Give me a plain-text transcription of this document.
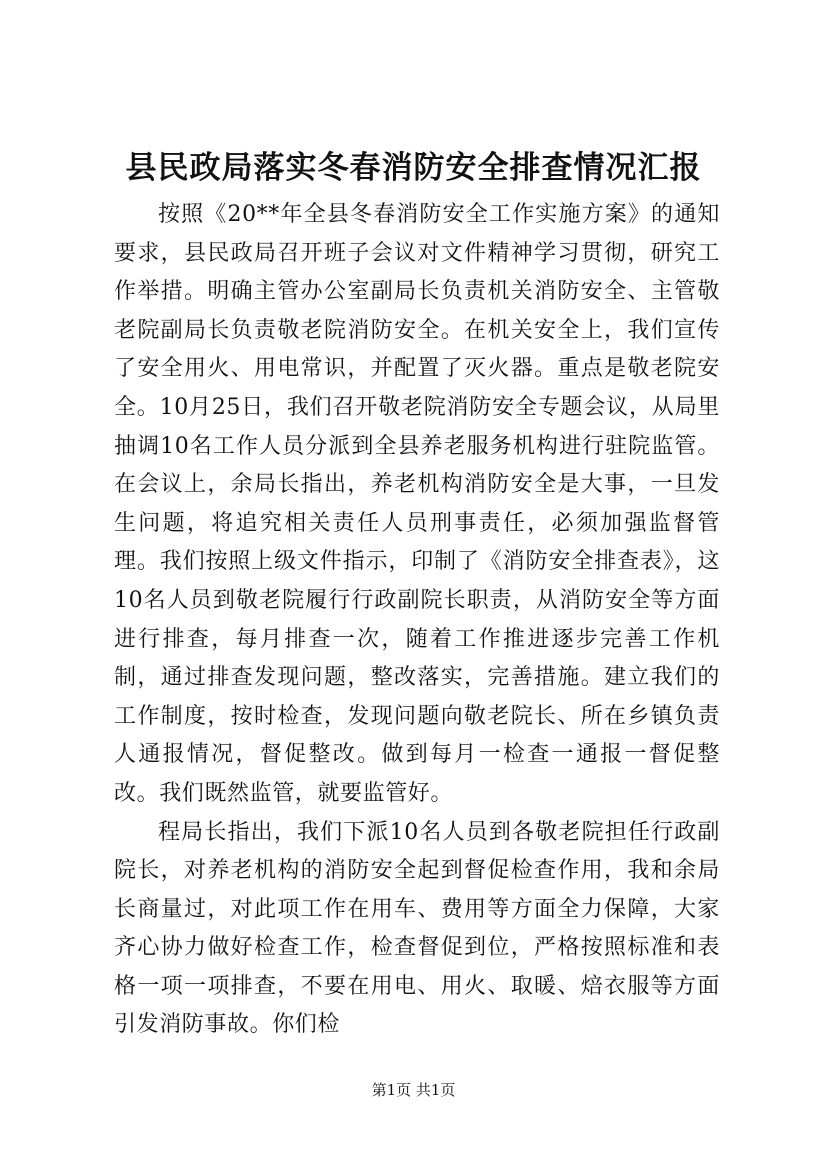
县民政局落实冬春消防安全排查情况汇报

按照《20**年全县冬春消防安全工作实施方案》的通知要求，县民政局召开班子会议对文件精神学习贯彻，研究工作举措。明确主管办公室副局长负责机关消防安全、主管敬老院副局长负责敬老院消防安全。在机关安全上，我们宣传了安全用火、用电常识，并配置了灭火器。重点是敬老院安全。10月25日，我们召开敬老院消防安全专题会议，从局里抽调10名工作人员分派到全县养老服务机构进行驻院监管。在会议上，余局长指出，养老机构消防安全是大事，一旦发生问题，将追究相关责任人员刑事责任，必须加强监督管理。我们按照上级文件指示，印制了《消防安全排查表》，这10名人员到敬老院履行行政副院长职责，从消防安全等方面进行排查，每月排查一次，随着工作推进逐步完善工作机制，通过排查发现问题，整改落实，完善措施。建立我们的工作制度，按时检查，发现问题向敬老院长、所在乡镇负责人通报情况，督促整改。做到每月一检查一通报一督促整改。我们既然监管，就要监管好。

程局长指出，我们下派10名人员到各敬老院担任行政副院长，对养老机构的消防安全起到督促检查作用，我和余局长商量过，对此项工作在用车、费用等方面全力保障，大家齐心协力做好检查工作，检查督促到位，严格按照标准和表格一项一项排查，不要在用电、用火、取暖、焙衣服等方面引发消防事故。你们检

第1页 共1页
